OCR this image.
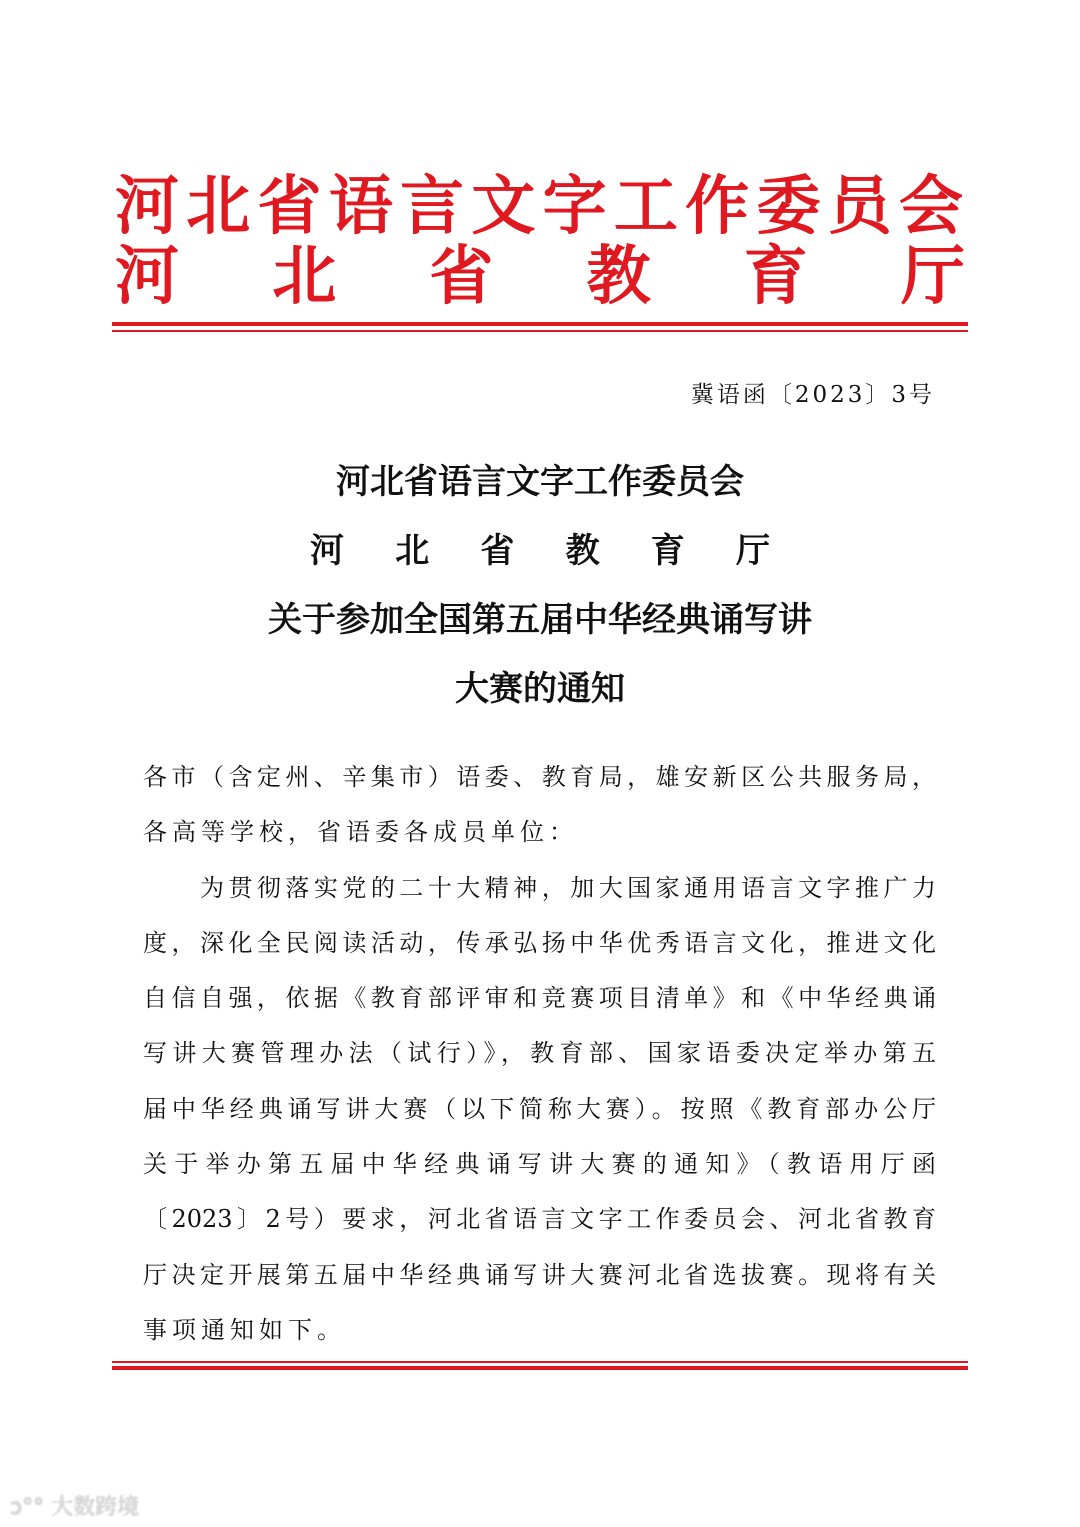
河北省语言文字工作委员会
河 北 省 教 育 厅
冀语函〔2023〕3号
河北省语言文字工作委员会
河 北 省 教 育 厅
关于参加全国第五届中华经典诵写讲
大赛的通知
各市（含定州、辛集市）语委、教育局，雄安新区公共服务局，
各高等学校，省语委各成员单位：
　　为贯彻落实党的二十大精神，加大国家通用语言文字推广力
度，深化全民阅读活动，传承弘扬中华优秀语言文化，推进文化
自信自强，依据《教育部评审和竞赛项目清单》和《中华经典诵
写讲大赛管理办法（试行）》，教育部、国家语委决定举办第五
届中华经典诵写讲大赛（以下简称大赛）。按照《教育部办公厅
关于举办第五届中华经典诵写讲大赛的通知》（教语用厅函
〔2023〕2号）要求，河北省语言文字工作委员会、河北省教育
厅决定开展第五届中华经典诵写讲大赛河北省选拔赛。现将有关
事项通知如下。
ↄ°° 大数跨境
